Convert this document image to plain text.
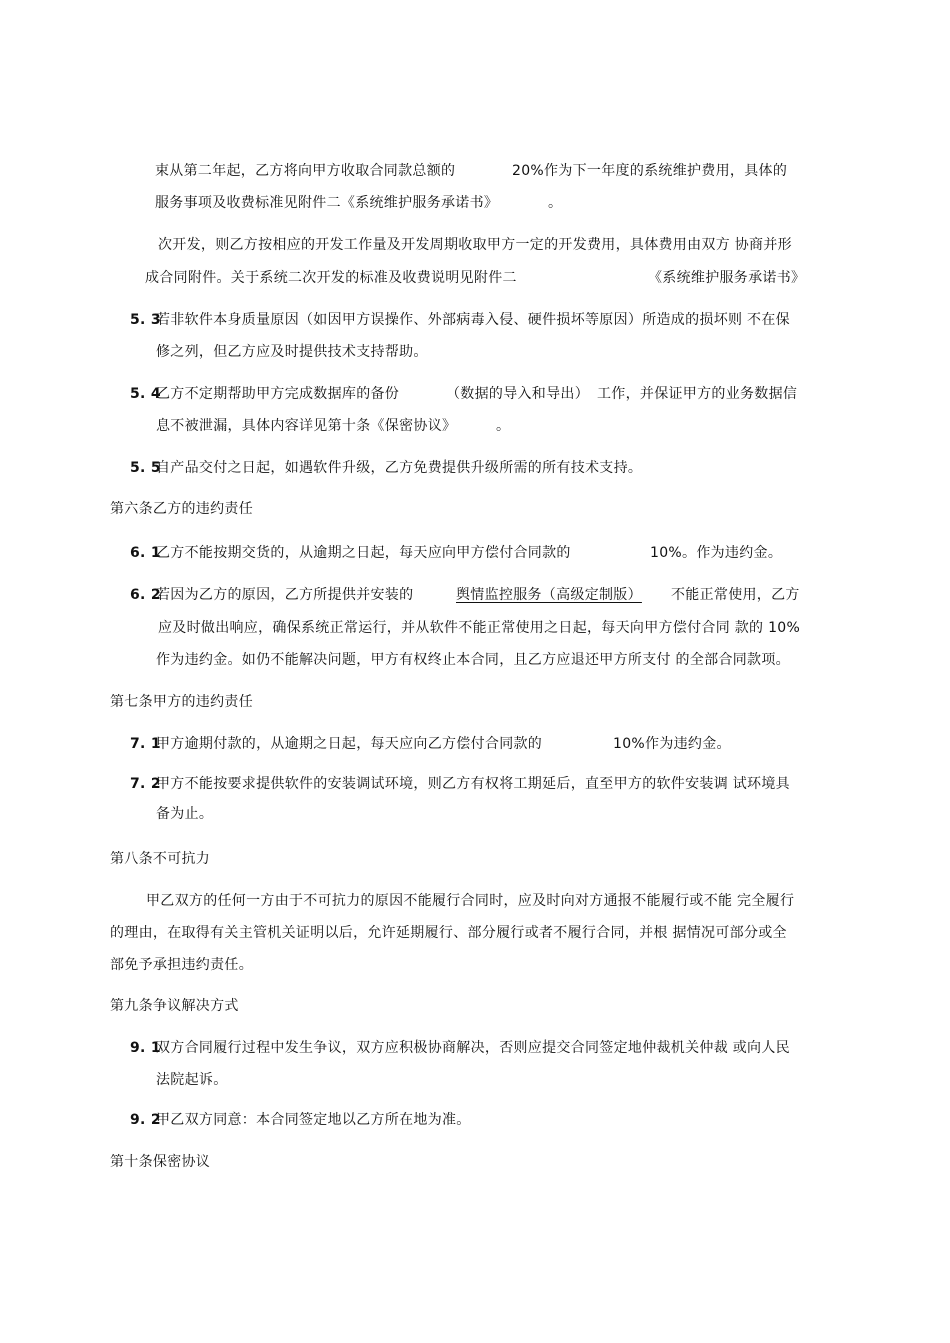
束从第二年起，乙方将向甲方收取合同款总额的	20%作为下一年度的系统维护费用，具体的
服务事项及收费标准见附件二《系统维护服务承诺书》	。
次开发，则乙方按相应的开发工作量及开发周期收取甲方一定的开发费用，具体费用由双方 协商并形
成合同附件。关于系统二次开发的标准及收费说明见附件二	《系统维护服务承诺书》
5. 3
若非软件本身质量原因（如因甲方误操作、外部病毒入侵、硬件损坏等原因）所造成的损坏则 不在保
修之列，但乙方应及时提供技术支持帮助。
5. 4
乙方不定期帮助甲方完成数据库的备份	（数据的导入和导出） 工作，并保证甲方的业务数据信
息不被泄漏，具体内容详见第十条《保密协议》	。
5. 5
自产品交付之日起，如遇软件升级，乙方免费提供升级所需的所有技术支持。
第六条乙方的违约责任
6. 1
乙方不能按期交货的，从逾期之日起，每天应向甲方偿付合同款的	10%。作为违约金。
6. 2
若因为乙方的原因，乙方所提供并安装的	舆情监控服务（高级定制版） 不能正常使用，乙方
应及时做出响应，确保系统正常运行，并从软件不能正常使用之日起，每天向甲方偿付合同 款的 10%
作为违约金。如仍不能解决问题，甲方有权终止本合同，且乙方应退还甲方所支付 的全部合同款项。
第七条甲方的违约责任
7. 1
甲方逾期付款的，从逾期之日起，每天应向乙方偿付合同款的	10%作为违约金。
7. 2
甲方不能按要求提供软件的安装调试环境，则乙方有权将工期延后，直至甲方的软件安装调 试环境具
备为止。
第八条不可抗力
甲乙双方的任何一方由于不可抗力的原因不能履行合同时，应及时向对方通报不能履行或不能 完全履行
的理由，在取得有关主管机关证明以后，允许延期履行、部分履行或者不履行合同，并根 据情况可部分或全
部免予承担违约责任。
第九条争议解决方式
9. 1
双方合同履行过程中发生争议，双方应积极协商解决，否则应提交合同签定地仲裁机关仲裁 或向人民
法院起诉。
9. 2
甲乙双方同意：本合同签定地以乙方所在地为准。
第十条保密协议
